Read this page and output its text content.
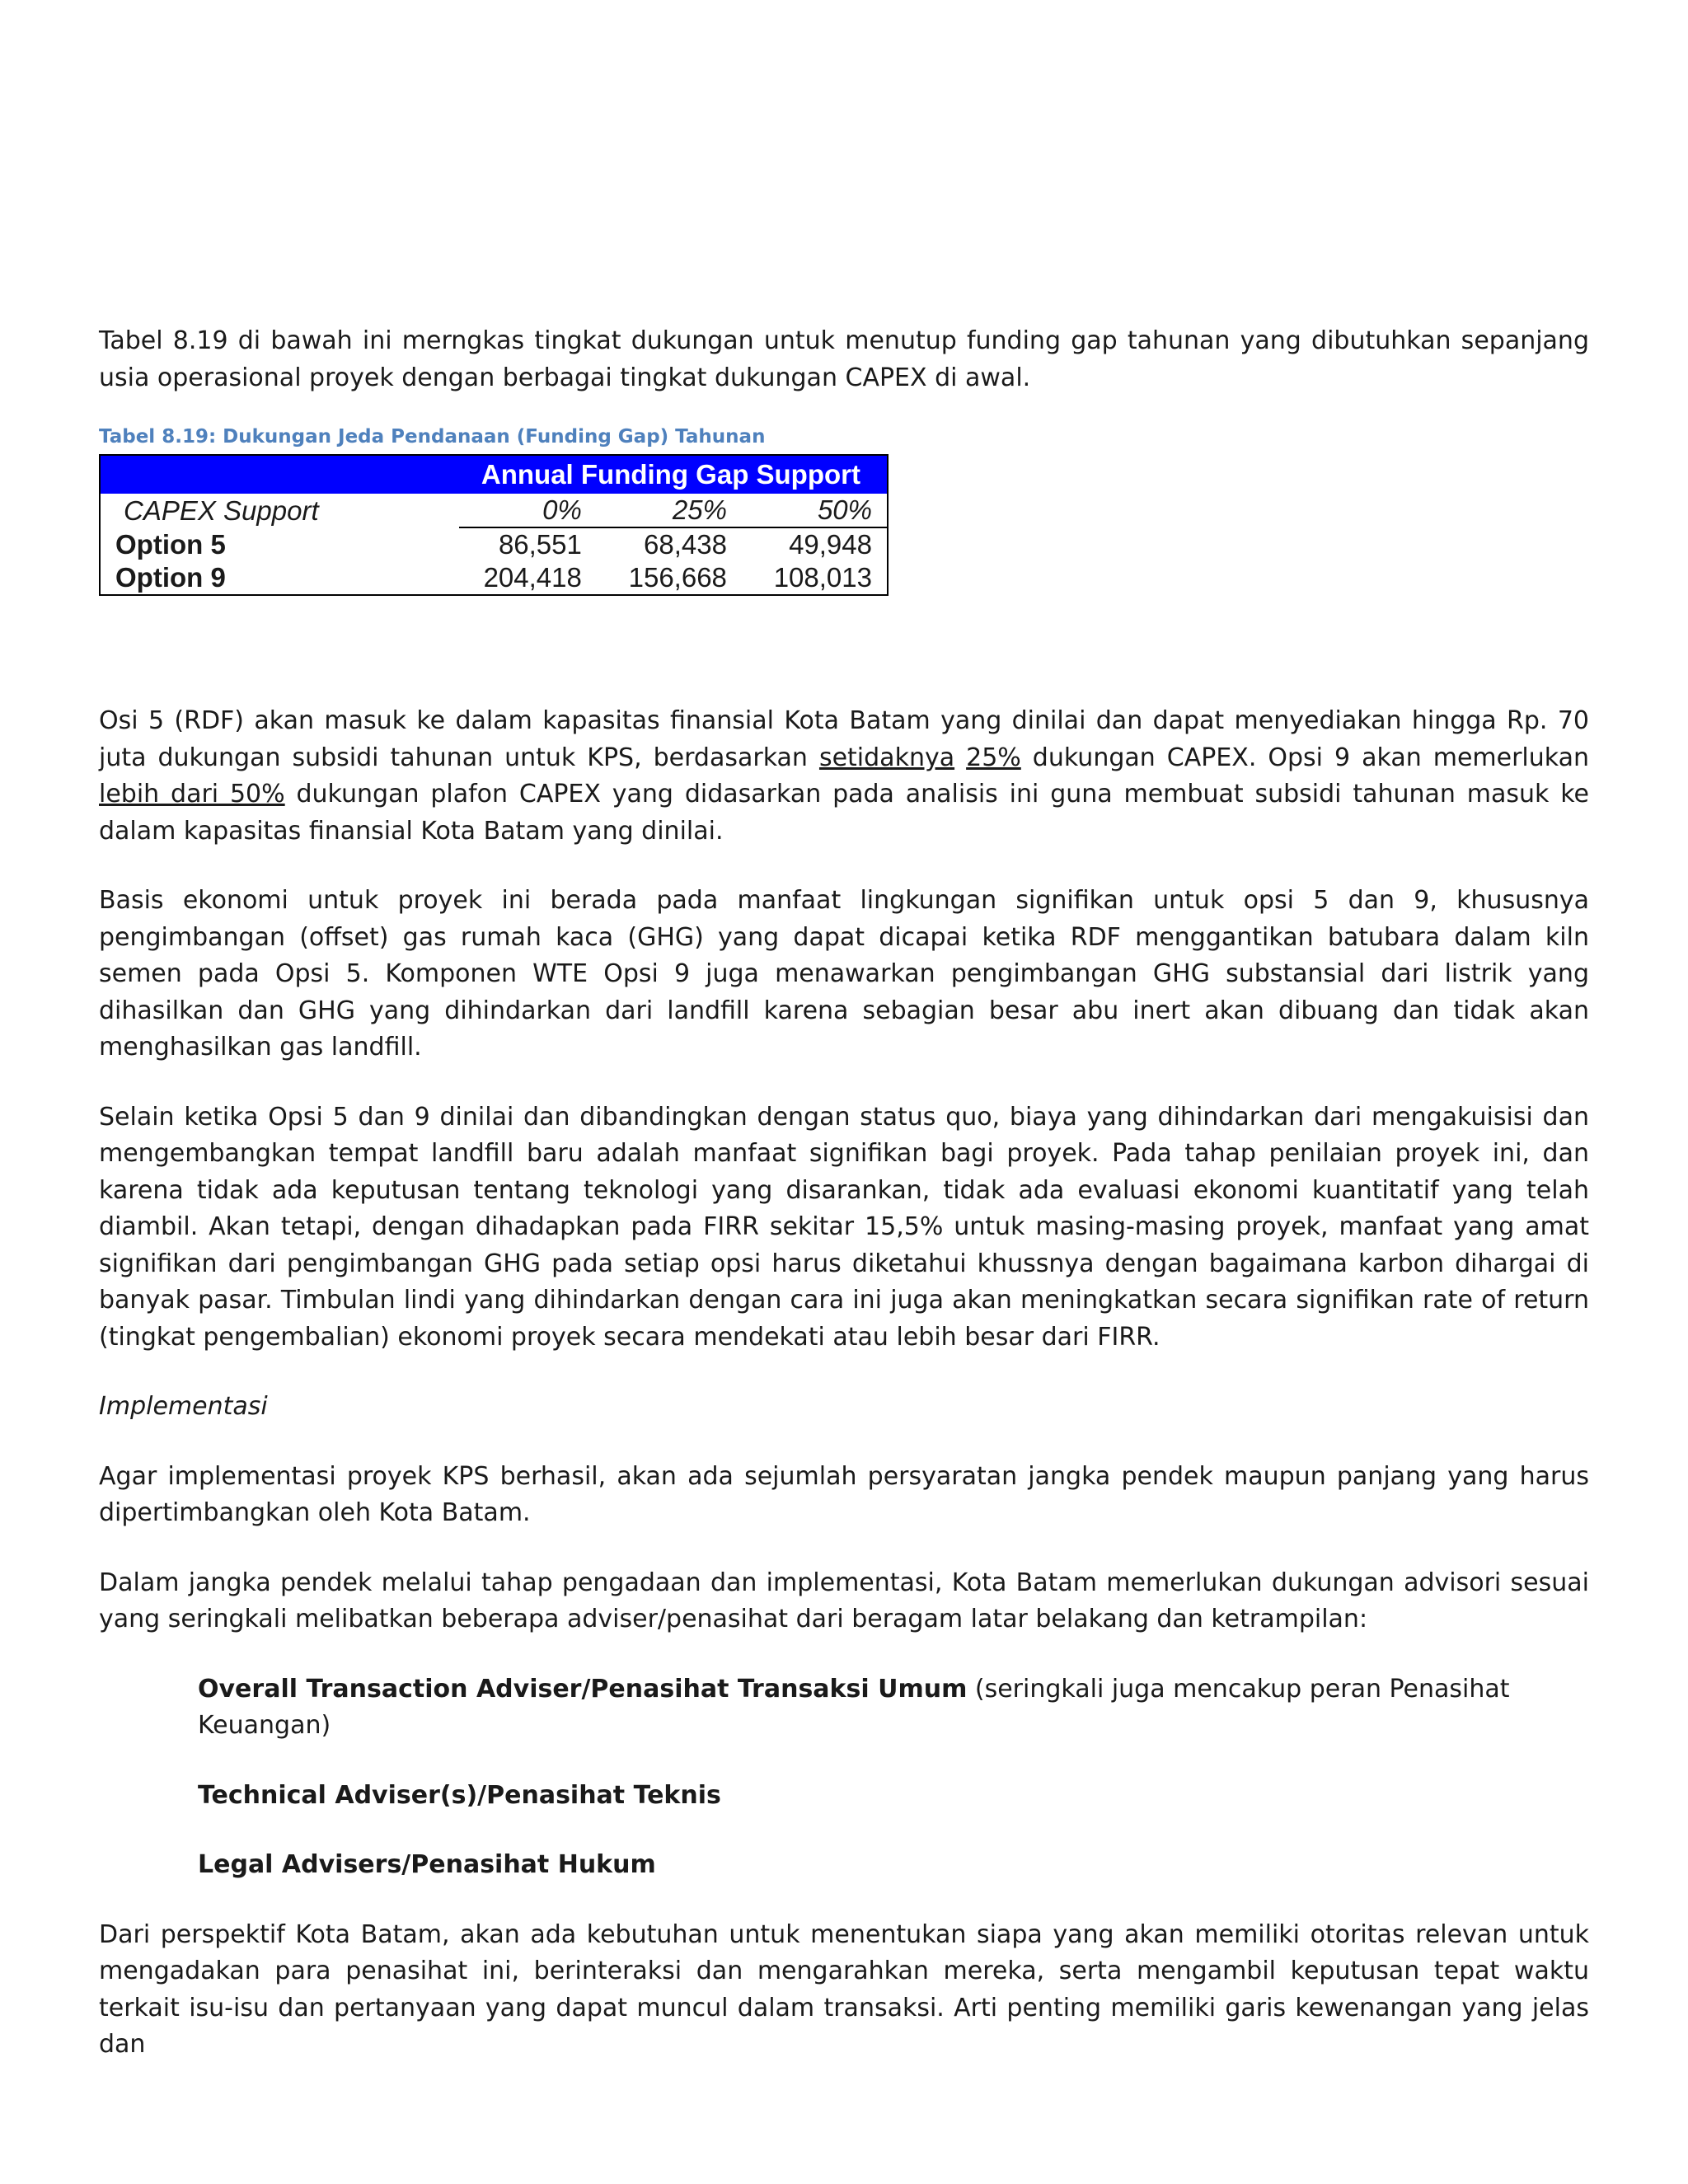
Tabel 8.19 di bawah ini merngkas tingkat dukungan untuk menutup funding gap tahunan yang dibutuhkan sepanjang usia operasional proyek dengan berbagai tingkat dukungan CAPEX di awal.

Tabel 8.19: Dukungan Jeda Pendanaan (Funding Gap) Tahunan
Annual Funding Gap Support			
CAPEX Support	0%	25%	50%
Option 5	86,551	68,438	49,948
Option 9	204,418	156,668	108,013

Osi 5 (RDF) akan masuk ke dalam kapasitas finansial Kota Batam yang dinilai dan dapat menyediakan hingga Rp. 70 juta dukungan subsidi tahunan untuk KPS, berdasarkan setidaknya 25% dukungan CAPEX. Opsi 9 akan memerlukan lebih dari 50% dukungan plafon CAPEX yang didasarkan pada analisis ini guna membuat subsidi tahunan masuk ke dalam kapasitas finansial Kota Batam yang dinilai.

Basis ekonomi untuk proyek ini berada pada manfaat lingkungan signifikan untuk opsi 5 dan 9, khususnya pengimbangan (offset) gas rumah kaca (GHG) yang dapat dicapai ketika RDF menggantikan batubara dalam kiln semen pada Opsi 5. Komponen WTE Opsi 9 juga menawarkan pengimbangan GHG substansial dari listrik yang dihasilkan dan GHG yang dihindarkan dari landfill karena sebagian besar abu inert akan dibuang dan tidak akan menghasilkan gas landfill.

Selain ketika Opsi 5 dan 9 dinilai dan dibandingkan dengan status quo, biaya yang dihindarkan dari mengakuisisi dan mengembangkan tempat landfill baru adalah manfaat signifikan bagi proyek. Pada tahap penilaian proyek ini, dan karena tidak ada keputusan tentang teknologi yang disarankan, tidak ada evaluasi ekonomi kuantitatif yang telah diambil. Akan tetapi, dengan dihadapkan pada FIRR sekitar 15,5% untuk masing-masing proyek, manfaat yang amat signifikan dari pengimbangan GHG pada setiap opsi harus diketahui khussnya dengan bagaimana karbon dihargai di banyak pasar. Timbulan lindi yang dihindarkan dengan cara ini juga akan meningkatkan secara signifikan rate of return (tingkat pengembalian) ekonomi proyek secara mendekati atau lebih besar dari FIRR.

Implementasi

Agar implementasi proyek KPS berhasil, akan ada sejumlah persyaratan jangka pendek maupun panjang yang harus dipertimbangkan oleh Kota Batam.

Dalam jangka pendek melalui tahap pengadaan dan implementasi, Kota Batam memerlukan dukungan advisori sesuai yang seringkali melibatkan beberapa adviser/penasihat dari beragam latar belakang dan ketrampilan:

Overall Transaction Adviser/Penasihat Transaksi Umum (seringkali juga mencakup peran Penasihat Keuangan)

Technical Adviser(s)/Penasihat Teknis

Legal Advisers/Penasihat Hukum

Dari perspektif Kota Batam, akan ada kebutuhan untuk menentukan siapa yang akan memiliki otoritas relevan untuk mengadakan para penasihat ini, berinteraksi dan mengarahkan mereka, serta mengambil keputusan tepat waktu terkait isu-isu dan pertanyaan yang dapat muncul dalam transaksi. Arti penting memiliki garis kewenangan yang jelas dan
